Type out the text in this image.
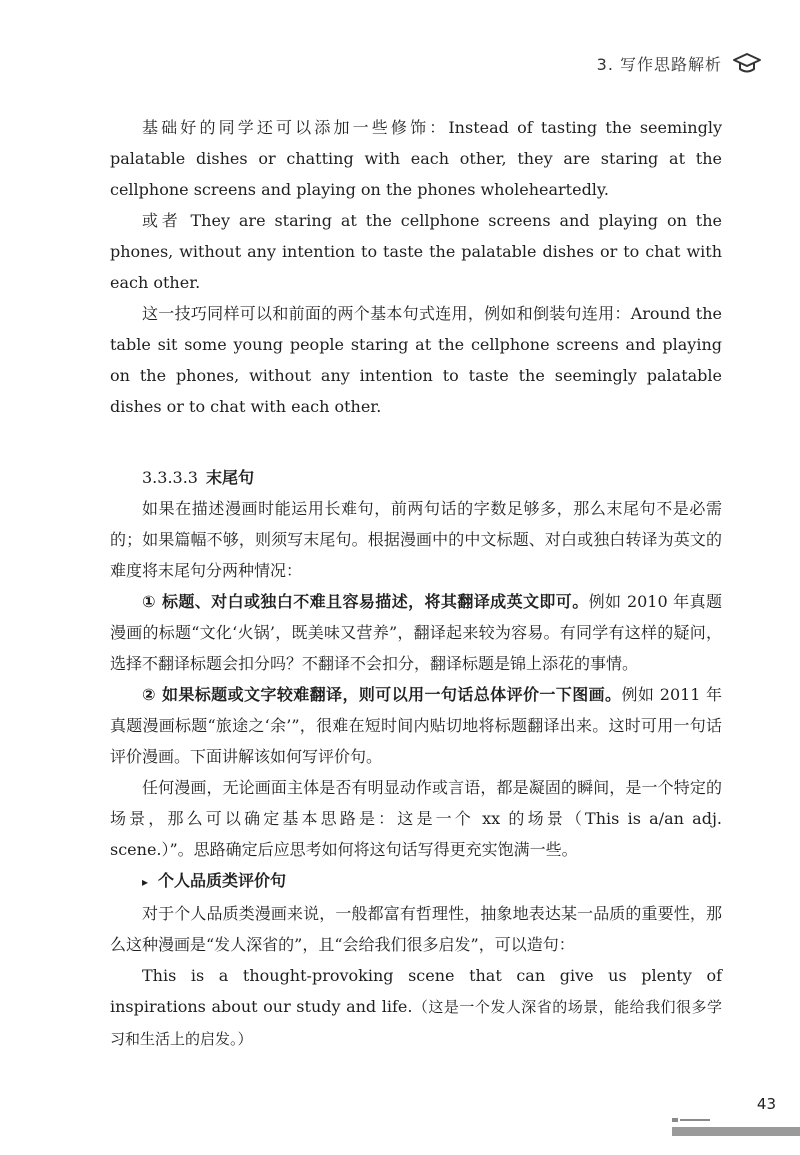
3. 写作思路解析

基础好的同学还可以添加一些修饰：Instead of tasting the seemingly palatable dishes or chatting with each other, they are staring at the cellphone screens and playing on the phones wholeheartedly.

或者 They are staring at the cellphone screens and playing on the phones, without any intention to taste the palatable dishes or to chat with each other.

这一技巧同样可以和前面的两个基本句式连用，例如和倒装句连用：Around the table sit some young people staring at the cellphone screens and playing on the phones, without any intention to taste the seemingly palatable dishes or to chat with each other.

3.3.3.3 末尾句

如果在描述漫画时能运用长难句，前两句话的字数足够多，那么末尾句不是必需的；如果篇幅不够，则须写末尾句。根据漫画中的中文标题、对白或独白转译为英文的难度将末尾句分两种情况：

① 标题、对白或独白不难且容易描述，将其翻译成英文即可。例如 2010 年真题漫画的标题“文化‘火锅’，既美味又营养”，翻译起来较为容易。有同学有这样的疑问，选择不翻译标题会扣分吗？不翻译不会扣分，翻译标题是锦上添花的事情。

② 如果标题或文字较难翻译，则可以用一句话总体评价一下图画。例如 2011 年真题漫画标题“旅途之‘余’”，很难在短时间内贴切地将标题翻译出来。这时可用一句话评价漫画。下面讲解该如何写评价句。

任何漫画，无论画面主体是否有明显动作或言语，都是凝固的瞬间，是一个特定的场景，那么可以确定基本思路是：这是一个 xx 的场景（This is a/an adj. scene.）”。思路确定后应思考如何将这句话写得更充实饱满一些。

▸ 个人品质类评价句

对于个人品质类漫画来说，一般都富有哲理性，抽象地表达某一品质的重要性，那么这种漫画是“发人深省的”，且“会给我们很多启发”，可以造句：

This is a thought-provoking scene that can give us plenty of inspirations about our study and life.（这是一个发人深省的场景，能给我们很多学习和生活上的启发。）

43
